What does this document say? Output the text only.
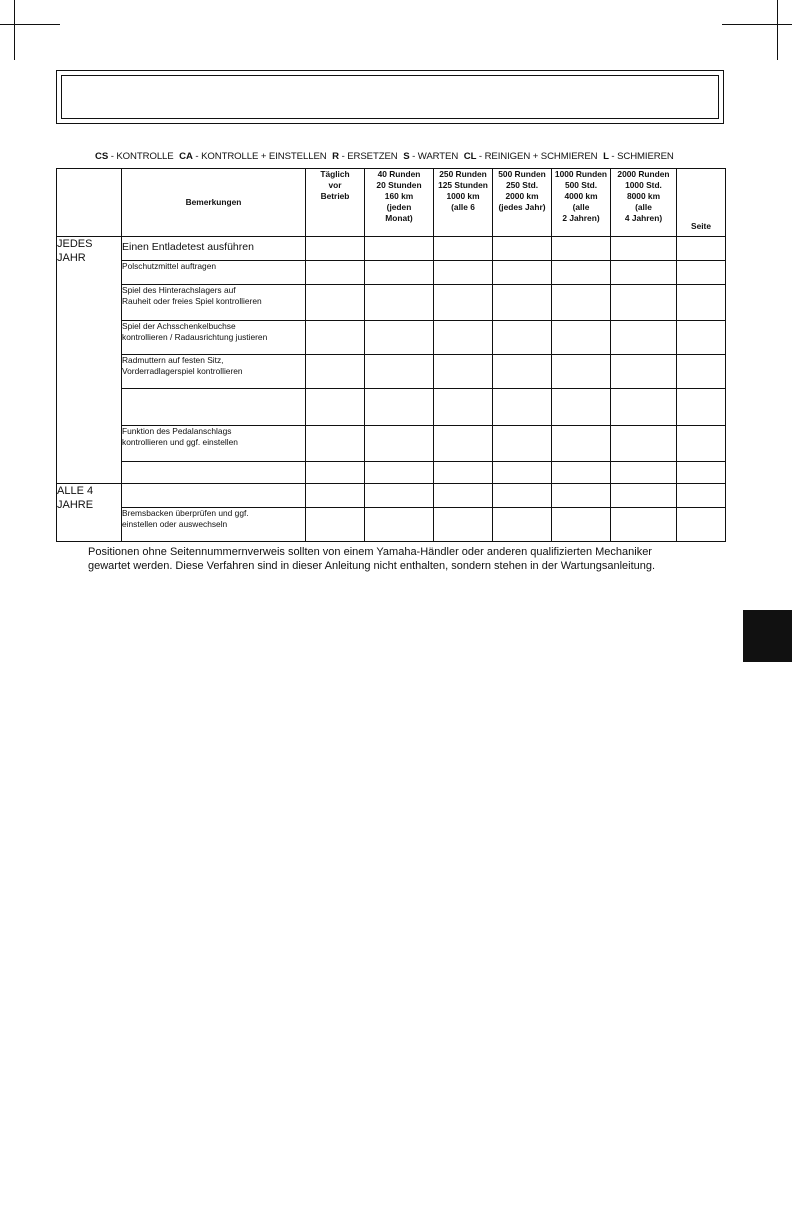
CS - KONTROLLE CA - KONTROLLE + EINSTELLEN R - ERSETZEN S - WARTEN CL - REINIGEN + SCHMIEREN L - SCHMIEREN
	Bemerkungen	Täglich
vor
Betrieb	40 Runden
20 Stunden
160 km
(jeden
Monat)	250 Runden
125 Stunden
1000 km
(alle 6	500 Runden
250 Std.
2000 km
(jedes Jahr)	1000 Runden
500 Std.
4000 km
(alle
2 Jahren)	2000 Runden
1000 Std.
8000 km
(alle
4 Jahren)	Seite

JEDES
JAHR	Einen Entladetest ausführen							

	Polschutzmittel auftragen							

	Spiel des Hinterachslagers auf
Rauheit oder freies Spiel kontrollieren							

	Spiel der Achsschenkelbuchse
kontrollieren / Radausrichtung justieren							

	Radmuttern auf festen Sitz,
Vorderradlagerspiel kontrollieren							

	Funktion des Pedalanschlags
kontrollieren und ggf. einstellen							

ALLE 4
JAHRE								

	Bremsbacken überprüfen und ggf.
einstellen oder auswechseln							

Positionen ohne Seitennummernverweis sollten von einem Yamaha-Händler oder anderen qualifizierten Mechaniker
gewartet werden. Diese Verfahren sind in dieser Anleitung nicht enthalten, sondern stehen in der Wartungsanleitung.
